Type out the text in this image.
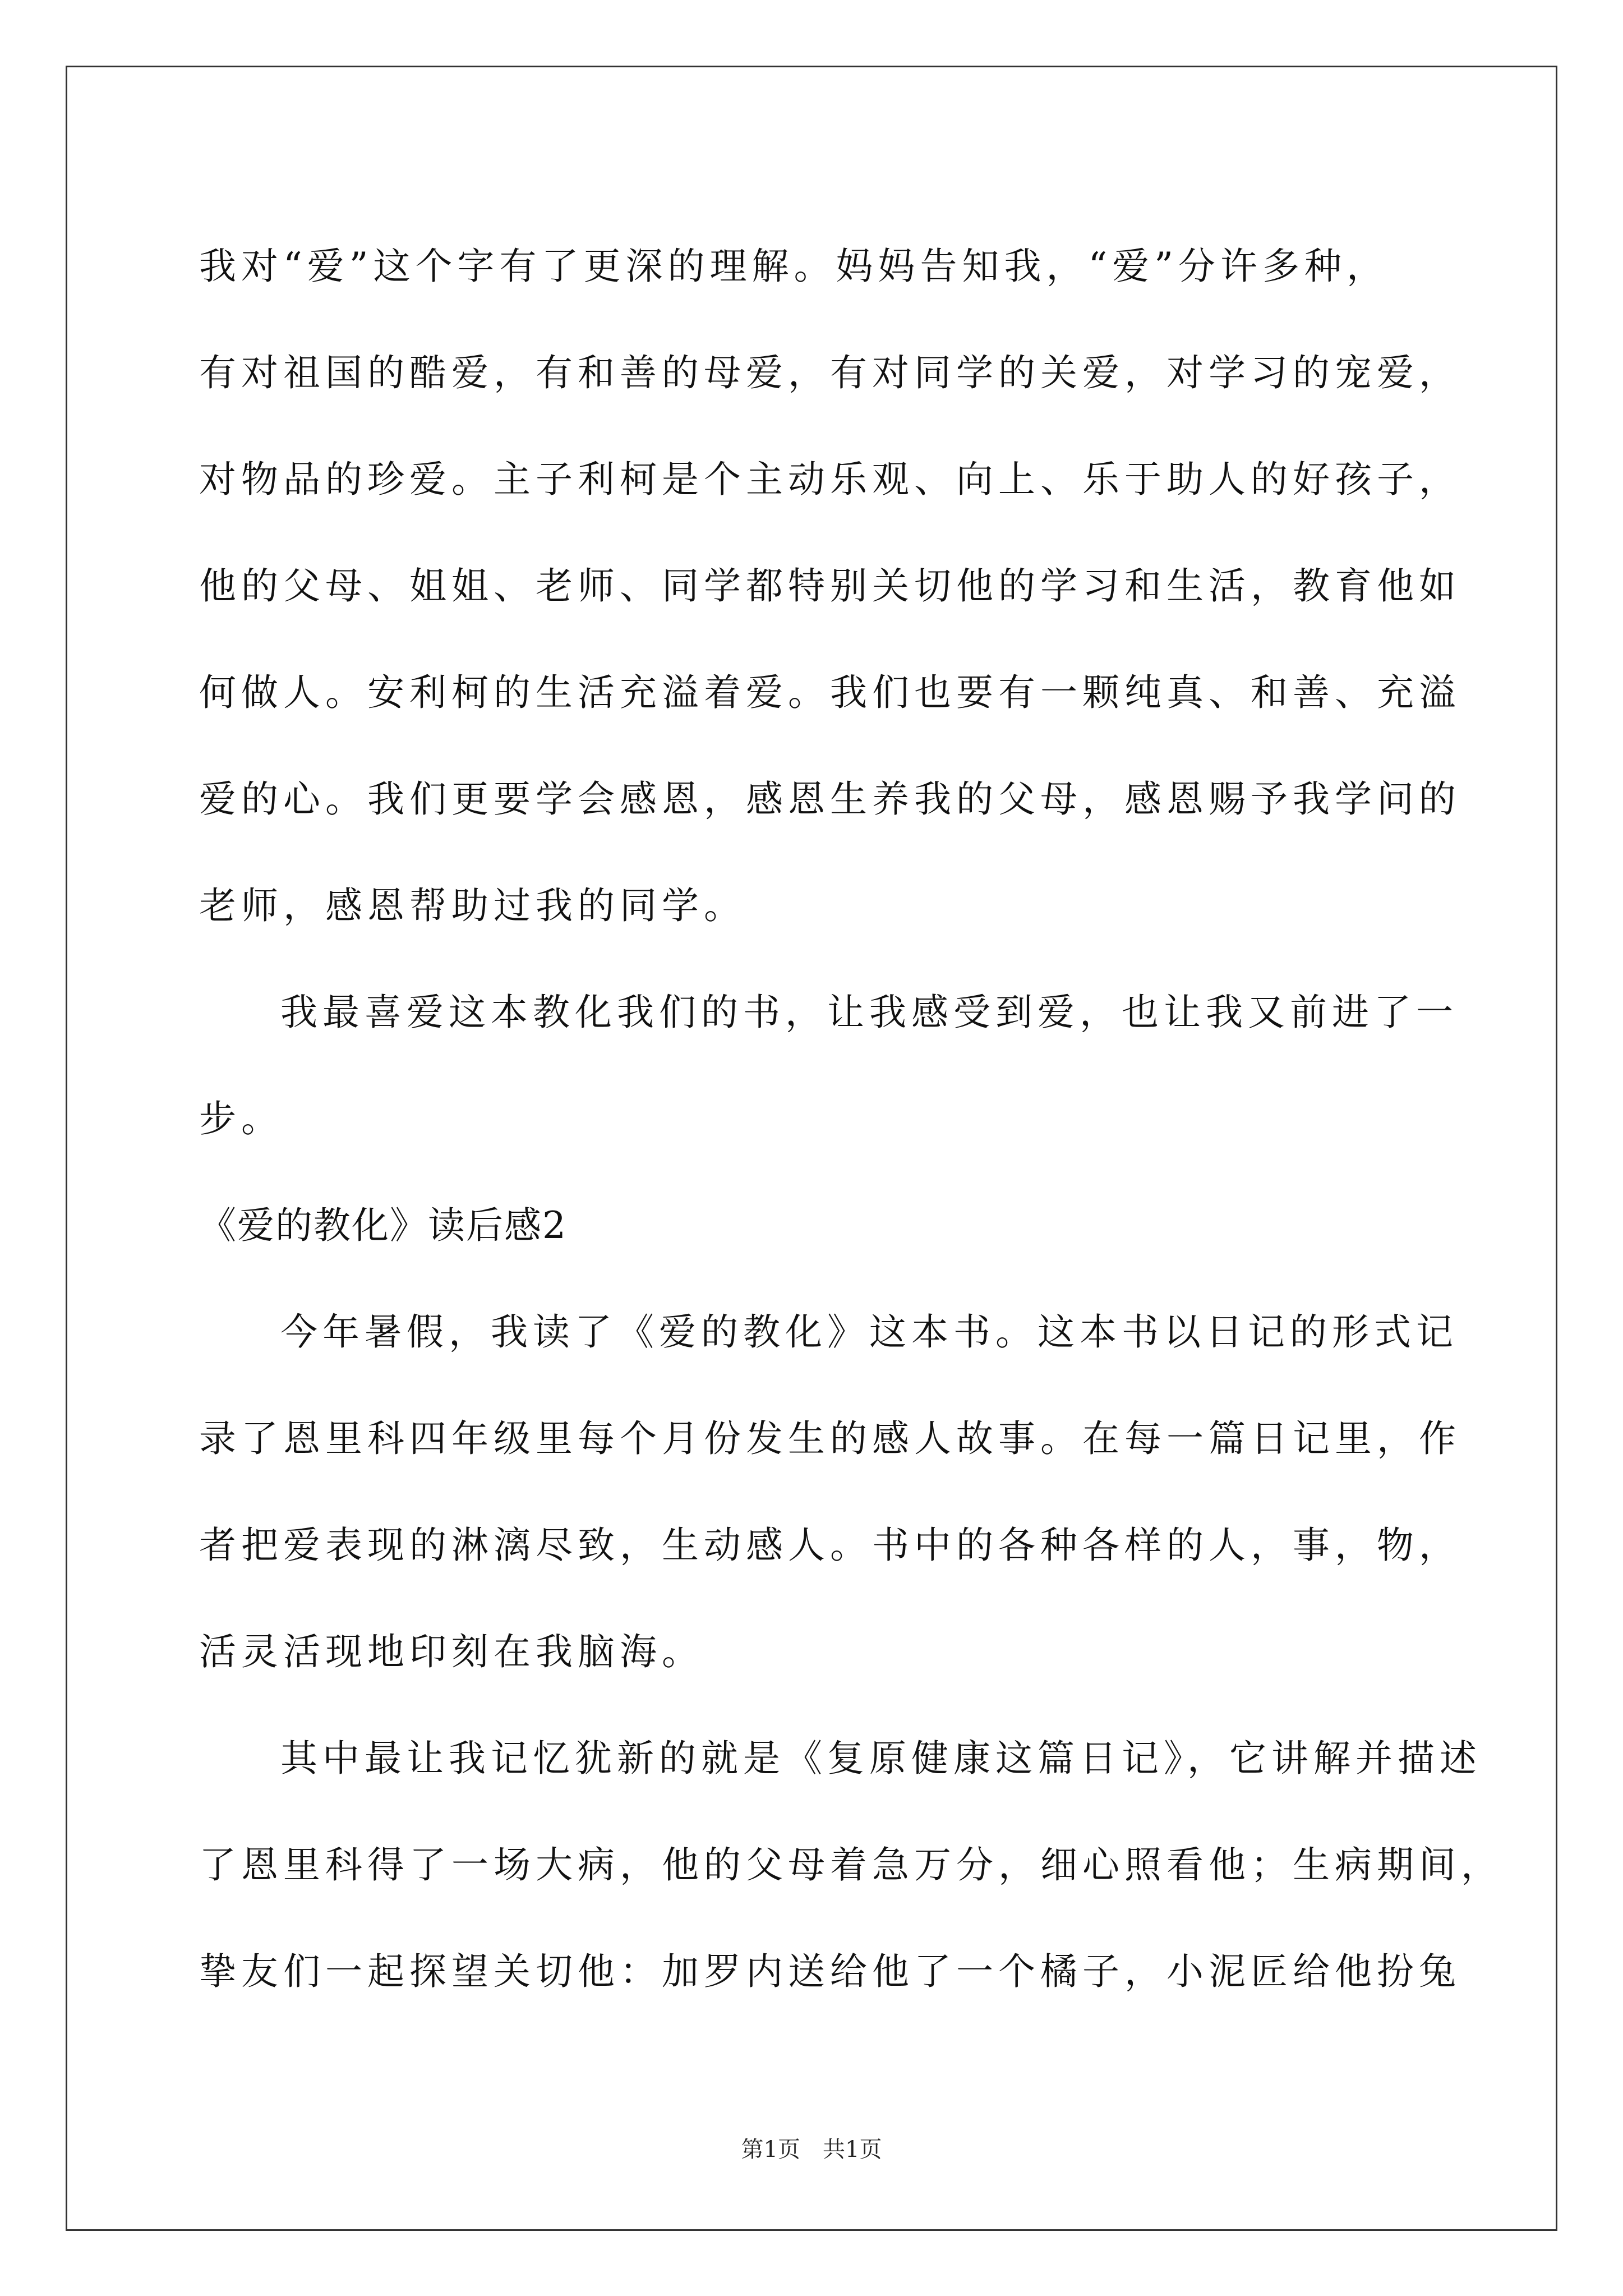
我对“爱”这个字有了更深的理解。妈妈告知我，“爱”分许多种，
有对祖国的酷爱，有和善的母爱，有对同学的关爱，对学习的宠爱，
对物品的珍爱。主子利柯是个主动乐观、向上、乐于助人的好孩子，
他的父母、姐姐、老师、同学都特别关切他的学习和生活，教育他如
何做人。安利柯的生活充溢着爱。我们也要有一颗纯真、和善、充溢
爱的心。我们更要学会感恩，感恩生养我的父母，感恩赐予我学问的
老师，感恩帮助过我的同学。
我最喜爱这本教化我们的书，让我感受到爱，也让我又前进了一
步。
《爱的教化》读后感2
今年暑假，我读了《爱的教化》这本书。这本书以日记的形式记
录了恩里科四年级里每个月份发生的感人故事。在每一篇日记里，作
者把爱表现的淋漓尽致，生动感人。书中的各种各样的人，事，物，
活灵活现地印刻在我脑海。
其中最让我记忆犹新的就是《复原健康这篇日记》，它讲解并描述
了恩里科得了一场大病，他的父母着急万分，细心照看他；生病期间，
挚友们一起探望关切他：加罗内送给他了一个橘子，小泥匠给他扮兔
第1页　共1页
